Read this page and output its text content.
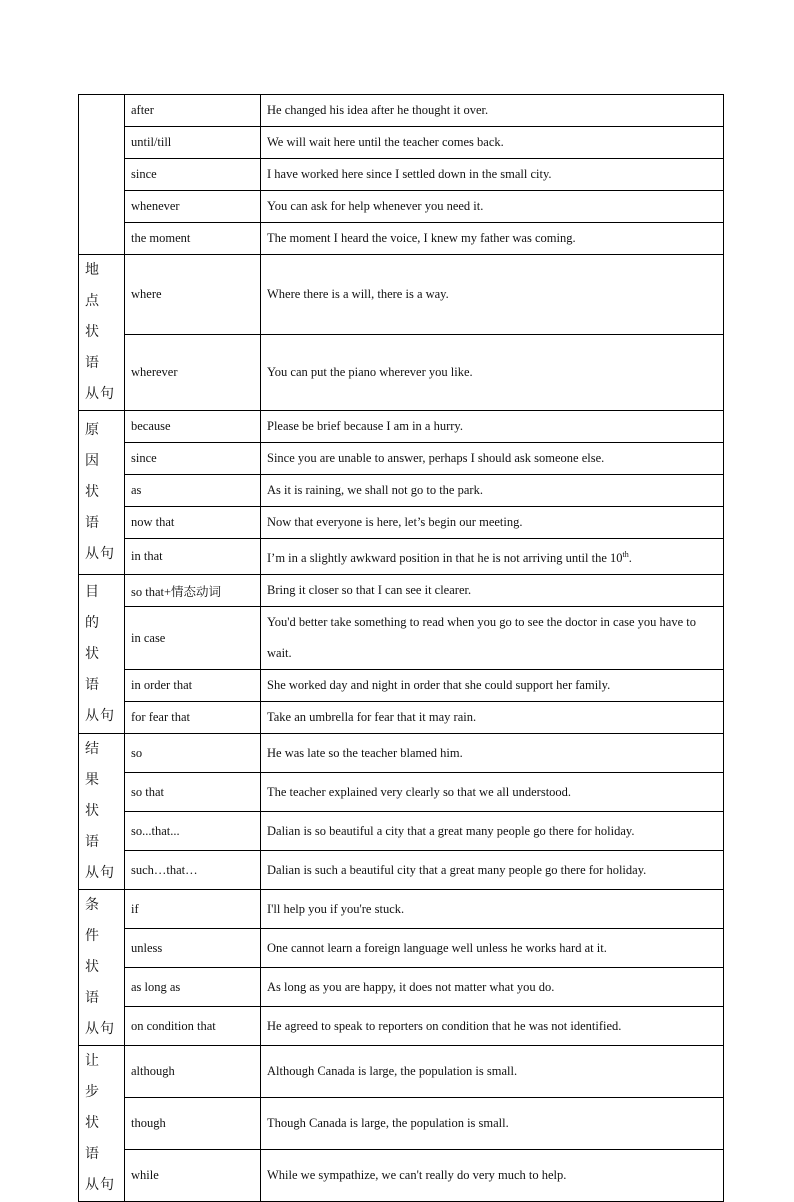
	after	He changed his idea after he thought it over.
	until/till	We will wait here until the teacher comes back.
	since	I have worked here since I settled down in the small city.
	whenever	You can ask for help whenever you need it.
	the moment	The moment I heard the voice, I knew my father was coming.

地 点
状 语
从句	where	Where there is a will, there is a way.
	wherever	You can put the piano wherever you like.

原 因
状 语
从句	because	Please be brief because I am in a hurry.
	since	Since you are unable to answer, perhaps I should ask someone else.
	as	As it is raining, we shall not go to the park.
	now that	Now that everyone is here, let’s begin our meeting.
	in that	I’m in a slightly awkward position in that he is not arriving until the 10th.

目 的
状 语
从句	so that+情态动词	Bring it closer so that I can see it clearer.
	in case	You'd better take something to read when you go to see the doctor in case you have to wait.
	in order that	She worked day and night in order that she could support her family.
	for fear that	Take an umbrella for fear that it may rain.

结 果
状 语
从句	so	He was late so the teacher blamed him.
	so that	The teacher explained very clearly so that we all understood.
	so...that...	Dalian is so beautiful a city that a great many people go there for holiday.
	such…that…	Dalian is such a beautiful city that a great many people go there for holiday.

条 件
状 语
从句	if	I'll help you if you're stuck.
	unless	One cannot learn a foreign language well unless he works hard at it.
	as long as	As long as you are happy, it does not matter what you do.
	on condition that	He agreed to speak to reporters on condition that he was not identified.

让 步
状 语
从句	although	Although Canada is large, the population is small.
	though	Though Canada is large, the population is small.
	while	While we sympathize, we can't really do very much to help.
